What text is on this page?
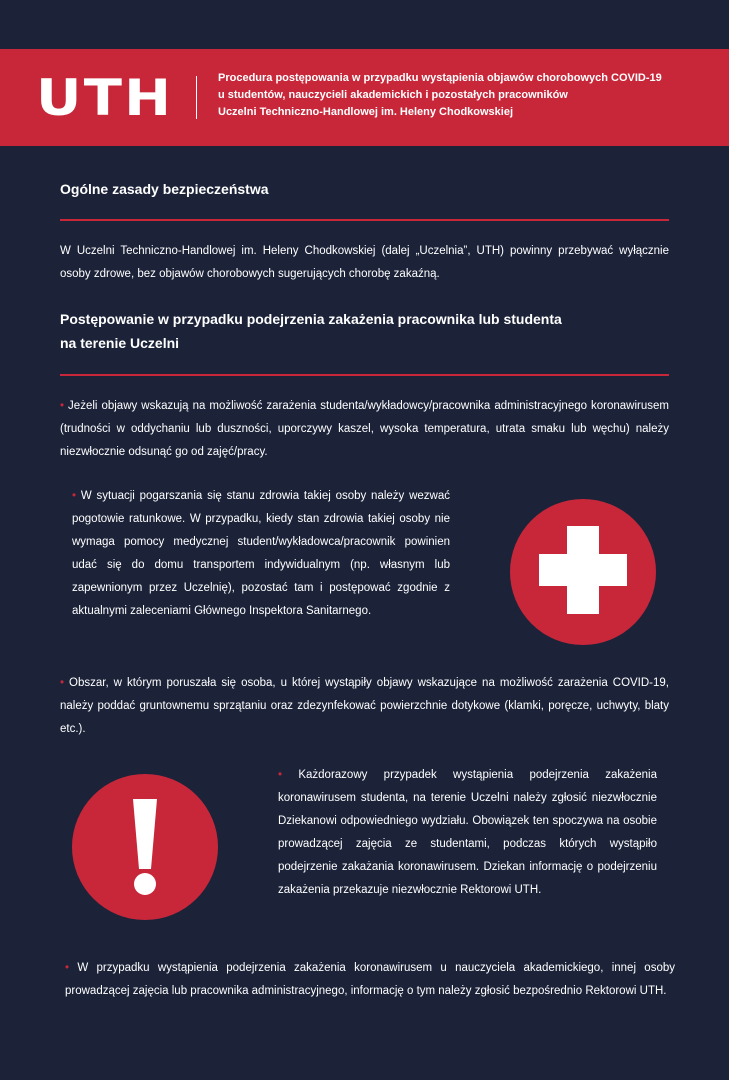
UTH	Procedura postępowania w przypadku wystąpienia objawów chorobowych COVID-19
u studentów, nauczycieli akademickich i pozostałych pracowników
Uczelni Techniczno-Handlowej im. Heleny Chodkowskiej
Ogólne zasady bezpieczeństwa
W Uczelni Techniczno-Handlowej im. Heleny Chodkowskiej (dalej „Uczelnia”, UTH) powinny przebywać wyłącznie osoby zdrowe, bez objawów chorobowych sugerujących chorobę zakaźną.
Postępowanie w przypadku podejrzenia zakażenia pracownika lub studenta
na terenie Uczelni
• Jeżeli objawy wskazują na możliwość zarażenia studenta/wykładowcy/pracownika administracyjnego koronawirusem (trudności w oddychaniu lub duszności, uporczywy kaszel, wysoka temperatura, utrata smaku lub węchu) należy niezwłocznie odsunąć go od zajęć/pracy.
• W sytuacji pogarszania się stanu zdrowia takiej osoby należy wezwać pogotowie ratunkowe. W przypadku, kiedy stan zdrowia takiej osoby nie wymaga pomocy medycznej student/wykładowca/pracownik powinien udać się do domu transportem indywidualnym (np. własnym lub zapewnionym przez Uczelnię), pozostać tam i postępować zgodnie z aktualnymi zaleceniami Głównego Inspektora Sanitarnego.
• Obszar, w którym poruszała się osoba, u której wystąpiły objawy wskazujące na możliwość zarażenia COVID-19, należy poddać gruntownemu sprzątaniu oraz zdezynfekować powierzchnie dotykowe (klamki, poręcze, uchwyty, blaty etc.).
• Każdorazowy przypadek wystąpienia podejrzenia zakażenia koronawirusem studenta, na terenie Uczelni należy zgłosić niezwłocznie Dziekanowi odpowiedniego wydziału. Obowiązek ten spoczywa na osobie prowadzącej zajęcia ze studentami, podczas których wystąpiło podejrzenie zakażania koronawirusem. Dziekan informację o podejrzeniu zakażenia przekazuje niezwłocznie Rektorowi UTH.
• W przypadku wystąpienia podejrzenia zakażenia koronawirusem u nauczyciela akademickiego, innej osoby prowadzącej zajęcia lub pracownika administracyjnego, informację o tym należy zgłosić bezpośrednio Rektorowi UTH.
